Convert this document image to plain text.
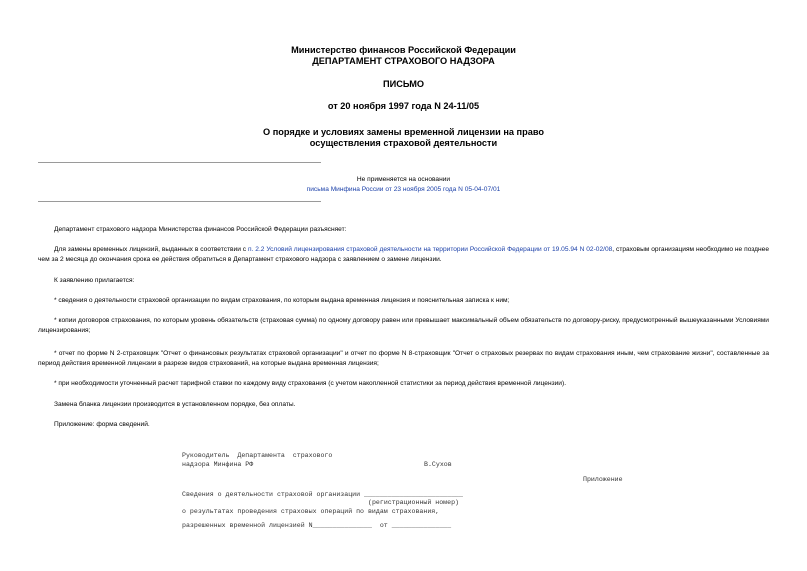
Министерство финансов Российской Федерации
ДЕПАРТАМЕНТ СТРАХОВОГО НАДЗОРА
ПИСЬМО
от 20 ноября 1997 года N 24-11/05
О порядке и условиях замены временной лицензии на право
осуществления страховой деятельности
Не применяется на основании
письма Минфина России от 23 ноября 2005 года N 05-04-07/01
Департамент страхового надзора Министерства финансов Российской Федерации разъясняет:
Для замены временных лицензий, выданных в соответствии с п. 2.2 Условий лицензирования страховой деятельности на территории Российской Федерации от 19.05.94 N 02-02/08, страховым организациям необходимо не позднее чем за 2 месяца до окончания срока ее действия обратиться в Департамент страхового надзора с заявлением о замене лицензии.
К заявлению прилагается:
* сведения о деятельности страховой организации по видам страхования, по которым выдана временная лицензия и пояснительная записка к ним;
* копии договоров страхования, по которым уровень обязательств (страховая сумма) по одному договору равен или превышает максимальный объем обязательств по договору-риску, предусмотренный вышеуказанными Условиями лицензирования;
* отчет по форме N 2-страховщик "Отчет о финансовых результатах страховой организации" и отчет по форме N 8-страховщик "Отчет о страховых резервах по видам страхования иным, чем страхование жизни", составленные за период действия временной лицензии в разрезе видов страхований, на которые выдана временная лицензия;
* при необходимости уточненный расчет тарифной ставки по каждому виду страхования (с учетом накопленной статистики за период действия временной лицензии).
Замена бланка лицензии производится в установленном порядке, без оплаты.
Приложение: форма сведений.
Руководитель  Департамента  страхового
надзора Минфина РФ	В.Сухов
Приложение
Сведения о деятельности страховой организации _________________________
(регистрационный номер)
о результатах проведения страховых операций по видам страхования,
разрешенных временной лицензией N_______________  от _______________
